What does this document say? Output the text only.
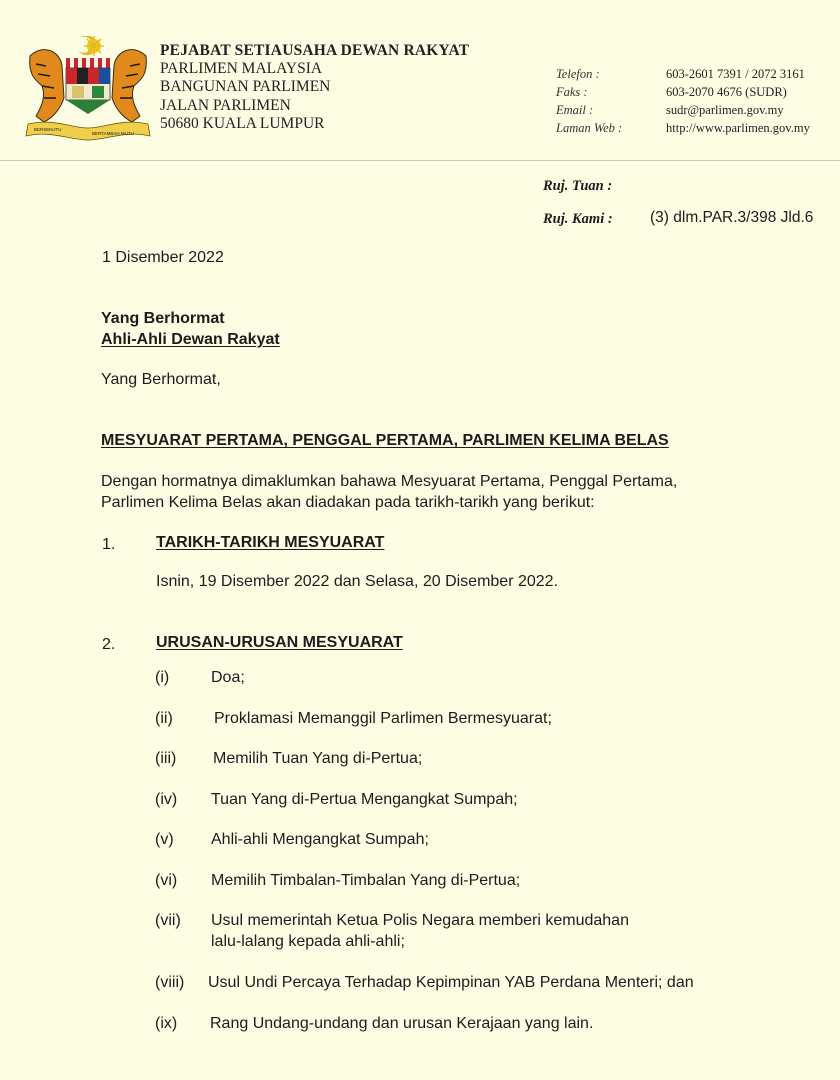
BERSEKUTU
BERTAMBAH MUTU
PEJABAT SETIAUSAHA DEWAN RAKYAT
PARLIMEN MALAYSIA
BANGUNAN PARLIMEN
JALAN PARLIMEN
50680 KUALA LUMPUR
Telefon :	603-2601 7391 / 2072 3161
Faks :	603-2070 4676 (SUDR)
Email :	sudr@parlimen.gov.my
Laman Web :	http://www.parlimen.gov.my
Ruj. Tuan :
Ruj. Kami : (3) dlm.PAR.3/398 Jld.6
1 Disember 2022
Yang Berhormat
Ahli-Ahli Dewan Rakyat
Yang Berhormat,
MESYUARAT PERTAMA, PENGGAL PERTAMA, PARLIMEN KELIMA BELAS
Dengan hormatnya dimaklumkan bahawa Mesyuarat Pertama, Penggal Pertama,
Parlimen Kelima Belas akan diadakan pada tarikh-tarikh yang berikut:
1.	TARIKH-TARIKH MESYUARAT
Isnin, 19 Disember 2022 dan Selasa, 20 Disember 2022.
2.	URUSAN-URUSAN MESYUARAT
(i)	Doa;
(ii)	Proklamasi Memanggil Parlimen Bermesyuarat;
(iii) Memilih Tuan Yang di-Pertua;
(iv) Tuan Yang di-Pertua Mengangkat Sumpah;
(v) Ahli-ahli Mengangkat Sumpah;
(vi) Memilih Timbalan-Timbalan Yang di-Pertua;
(vii) Usul memerintah Ketua Polis Negara memberi kemudahan
lalu-lalang kepada ahli-ahli;
(viii) Usul Undi Percaya Terhadap Kepimpinan YAB Perdana Menteri; dan
(ix) Rang Undang-undang dan urusan Kerajaan yang lain.
